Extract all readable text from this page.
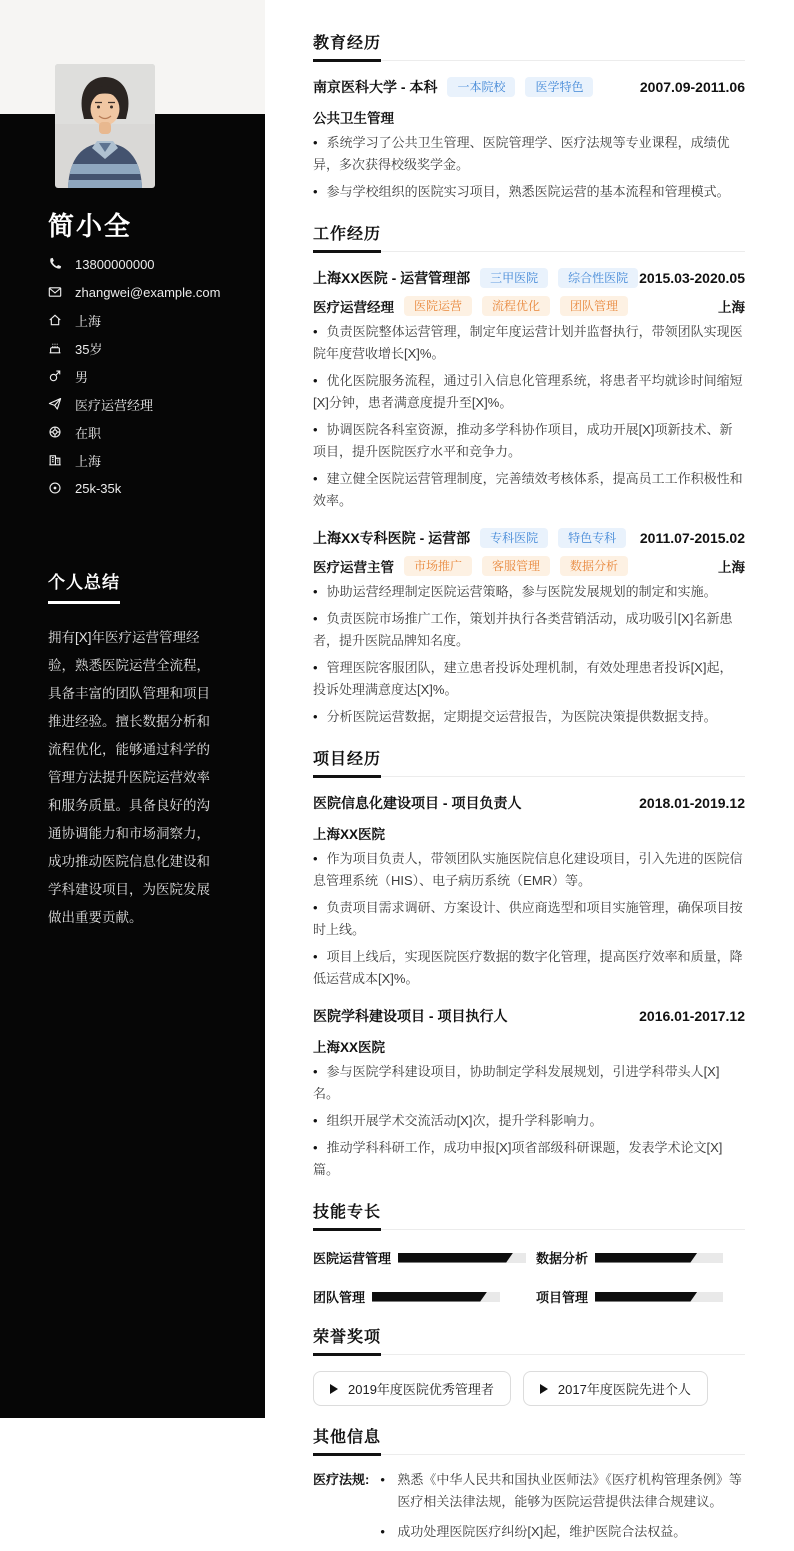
简小全
13800000000
zhangwei@example.com
上海
35岁
男
医疗运营经理
在职
上海
25k-35k
个人总结

拥有[X]年医疗运营管理经验，熟悉医院运营全流程，具备丰富的团队管理和项目推进经验。擅长数据分析和流程优化，能够通过科学的管理方法提升医院运营效率和服务质量。具备良好的沟通协调能力和市场洞察力，成功推动医院信息化建设和学科建设项目，为医院发展做出重要贡献。

教育经历
南京医科大学 - 本科	一本院校	医学特色	2007.09-2011.06
公共卫生管理

• 系统学习了公共卫生管理、医院管理学、医疗法规等专业课程，成绩优异，多次获得校级奖学金。

• 参与学校组织的医院实习项目，熟悉医院运营的基本流程和管理模式。

工作经历
上海XX医院 - 运营管理部	三甲医院	综合性医院 2015.03-2020.05
医疗运营经理	医院运营	流程优化	团队管理	上海

• 负责医院整体运营管理，制定年度运营计划并监督执行，带领团队实现医院年度营收增长[X]%。

• 优化医院服务流程，通过引入信息化管理系统，将患者平均就诊时间缩短[X]分钟，患者满意度提升至[X]%。

• 协调医院各科室资源，推动多学科协作项目，成功开展[X]项新技术、新项目，提升医院医疗水平和竞争力。

• 建立健全医院运营管理制度，完善绩效考核体系，提高员工工作积极性和效率。

上海XX专科医院 - 运营部	专科医院	特色专科	2011.07-2015.02
医疗运营主管	市场推广	客服管理	数据分析	上海

• 协助运营经理制定医院运营策略，参与医院发展规划的制定和实施。

• 负责医院市场推广工作，策划并执行各类营销活动，成功吸引[X]名新患者，提升医院品牌知名度。

• 管理医院客服团队，建立患者投诉处理机制，有效处理患者投诉[X]起，投诉处理满意度达[X]%。

• 分析医院运营数据，定期提交运营报告，为医院决策提供数据支持。

项目经历
医院信息化建设项目 - 项目负责人	2018.01-2019.12
上海XX医院

• 作为项目负责人，带领团队实施医院信息化建设项目，引入先进的医院信息管理系统（HIS）、电子病历系统（EMR）等。

• 负责项目需求调研、方案设计、供应商选型和项目实施管理，确保项目按时上线。

• 项目上线后，实现医院医疗数据的数字化管理，提高医疗效率和质量，降低运营成本[X]%。

医院学科建设项目 - 项目执行人	2016.01-2017.12
上海XX医院

• 参与医院学科建设项目，协助制定学科发展规划，引进学科带头人[X]名。

• 组织开展学术交流活动[X]次，提升学科影响力。

• 推动学科科研工作，成功申报[X]项省部级科研课题，发表学术论文[X]篇。

技能专长
医院运营管理	数据分析
团队管理	项目管理
荣誉奖项
2019年度医院优秀管理者	2017年度医院先进个人
其他信息
医疗法规:	• 熟悉《中华人民共和国执业医师法》《医疗机构管理条例》等医疗相关法律法规，能够为医院运营提供法律合规建议。

• 成功处理医院医疗纠纷[X]起，维护医院合法权益。
